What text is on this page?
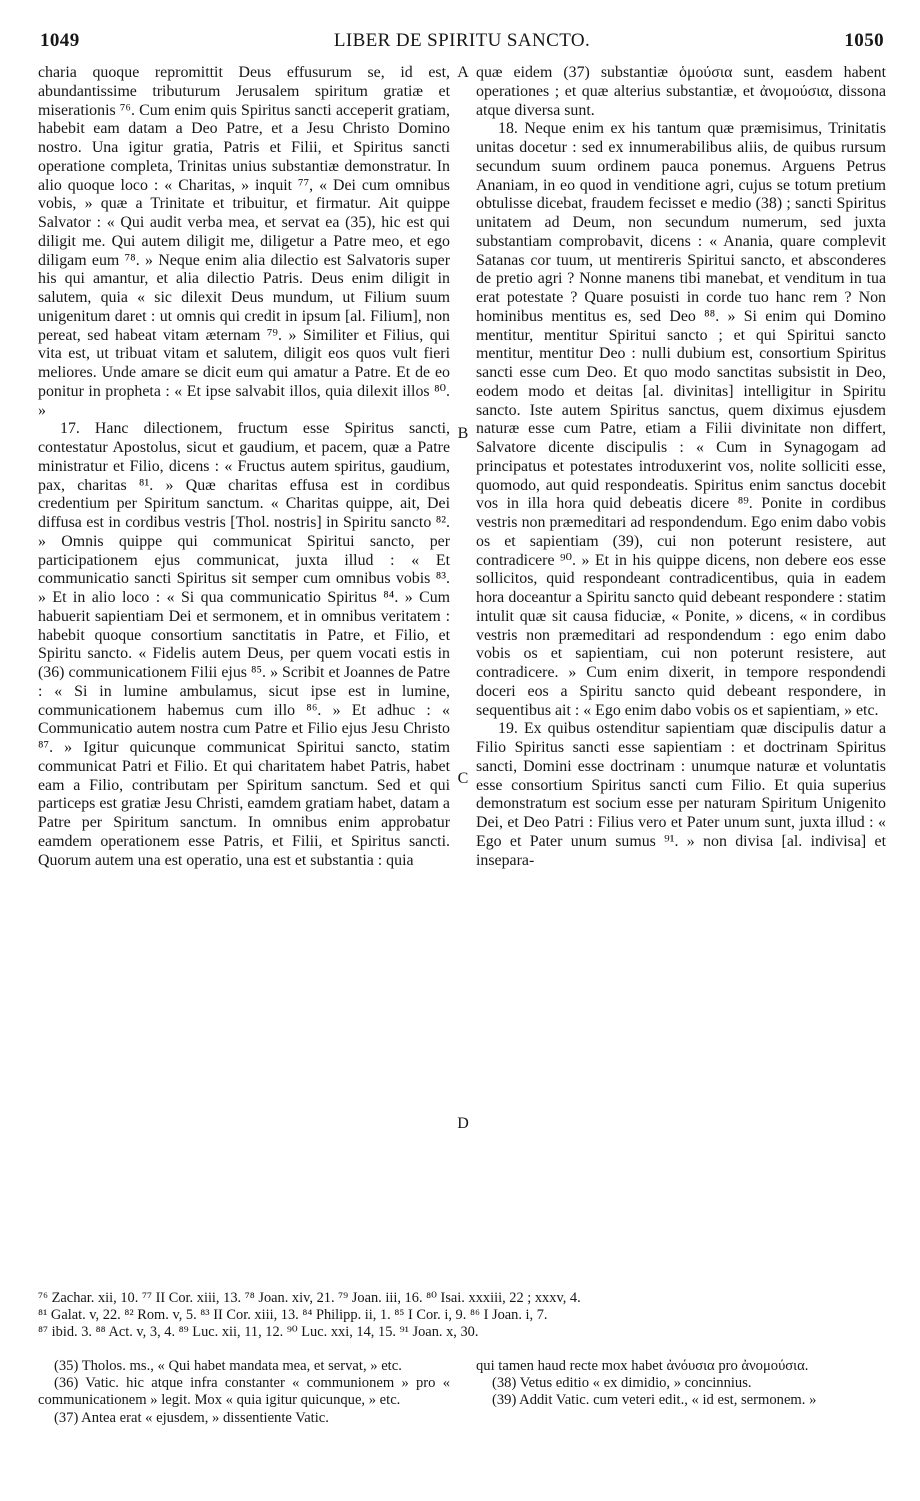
1049	LIBER DE SPIRITU SANCTO.	1050

charia quoque repromittit Deus effusurum se, id est, abundantissime tributurum Jerusalem spiritum gratiæ et miserationis ⁷⁶. Cum enim quis Spiritus sancti acceperit gratiam, habebit eam datam a Deo Patre, et a Jesu Christo Domino nostro. Una igitur gratia, Patris et Filii, et Spiritus sancti operatione completa, Trinitas unius substantiæ demonstratur. In alio quoque loco : « Charitas, » inquit ⁷⁷, « Dei cum omnibus vobis, » quæ a Trinitate et tribuitur, et firmatur. Ait quippe Salvator : « Qui audit verba mea, et servat ea (35), hic est qui diligit me. Qui autem diligit me, diligetur a Patre meo, et ego diligam eum ⁷⁸. » Neque enim alia dilectio est Salvatoris super his qui amantur, et alia dilectio Patris. Deus enim diligit in salutem, quia « sic dilexit Deus mundum, ut Filium suum unigenitum daret : ut omnis qui credit in ipsum [al. Filium], non pereat, sed habeat vitam æternam ⁷⁹. » Similiter et Filius, qui vita est, ut tribuat vitam et salutem, diligit eos quos vult fieri meliores. Unde amare se dicit eum qui amatur a Patre. Et de eo ponitur in propheta : « Et ipse salvabit illos, quia dilexit illos ⁸⁰. »

17. Hanc dilectionem, fructum esse Spiritus sancti, contestatur Apostolus, sicut et gaudium, et pacem, quæ a Patre ministratur et Filio, dicens : « Fructus autem spiritus, gaudium, pax, charitas ⁸¹. » Quæ charitas effusa est in cordibus credentium per Spiritum sanctum. « Charitas quippe, ait, Dei diffusa est in cordibus vestris [Thol. nostris] in Spiritu sancto ⁸². » Omnis quippe qui communicat Spiritui sancto, per participationem ejus communicat, juxta illud : « Et communicatio sancti Spiritus sit semper cum omnibus vobis ⁸³. » Et in alio loco : « Si qua communicatio Spiritus ⁸⁴. » Cum habuerit sapientiam Dei et sermonem, et in omnibus veritatem : habebit quoque consortium sanctitatis in Patre, et Filio, et Spiritu sancto. « Fidelis autem Deus, per quem vocati estis in (36) communicationem Filii ejus ⁸⁵. » Scribit et Joannes de Patre : « Si in lumine ambulamus, sicut ipse est in lumine, communicationem habemus cum illo ⁸⁶. » Et adhuc : « Communicatio autem nostra cum Patre et Filio ejus Jesu Christo ⁸⁷. » Igitur quicunque communicat Spiritui sancto, statim communicat Patri et Filio. Et qui charitatem habet Patris, habet eam a Filio, contributam per Spiritum sanctum. Sed et qui particeps est gratiæ Jesu Christi, eamdem gratiam habet, datam a Patre per Spiritum sanctum. In omnibus enim approbatur eamdem operationem esse Patris, et Filii, et Spiritus sancti. Quorum autem una est operatio, una est et substantia : quia

quæ eidem (37) substantiæ ὁμούσια sunt, easdem habent operationes ; et quæ alterius substantiæ, et ἀνομούσια, dissona atque diversa sunt.

18. Neque enim ex his tantum quæ præmisimus, Trinitatis unitas docetur : sed ex innumerabilibus aliis, de quibus rursum secundum suum ordinem pauca ponemus. Arguens Petrus Ananiam, in eo quod in venditione agri, cujus se totum pretium obtulisse dicebat, fraudem fecisset e medio (38) ; sancti Spiritus unitatem ad Deum, non secundum numerum, sed juxta substantiam comprobavit, dicens : « Anania, quare complevit Satanas cor tuum, ut mentireris Spiritui sancto, et absconderes de pretio agri ? Nonne manens tibi manebat, et venditum in tua erat potestate ? Quare posuisti in corde tuo hanc rem ? Non hominibus mentitus es, sed Deo ⁸⁸. » Si enim qui Domino mentitur, mentitur Spiritui sancto ; et qui Spiritui sancto mentitur, mentitur Deo : nulli dubium est, consortium Spiritus sancti esse cum Deo. Et quo modo sanctitas subsistit in Deo, eodem modo et deitas [al. divinitas] intelligitur in Spiritu sancto. Iste autem Spiritus sanctus, quem diximus ejusdem naturæ esse cum Patre, etiam a Filii divinitate non differt, Salvatore dicente discipulis : « Cum in Synagogam ad principatus et potestates introduxerint vos, nolite solliciti esse, quomodo, aut quid respondeatis. Spiritus enim sanctus docebit vos in illa hora quid debeatis dicere ⁸⁹. Ponite in cordibus vestris non præmeditari ad respondendum. Ego enim dabo vobis os et sapientiam (39), cui non poterunt resistere, aut contradicere ⁹⁰. » Et in his quippe dicens, non debere eos esse sollicitos, quid respondeant contradicentibus, quia in eadem hora doceantur a Spiritu sancto quid debeant respondere : statim intulit quæ sit causa fiduciæ, « Ponite, » dicens, « in cordibus vestris non præmeditari ad respondendum : ego enim dabo vobis os et sapientiam, cui non poterunt resistere, aut contradicere. » Cum enim dixerit, in tempore respondendi doceri eos a Spiritu sancto quid debeant respondere, in sequentibus ait : « Ego enim dabo vobis os et sapientiam, » etc.

19. Ex quibus ostenditur sapientiam quæ discipulis datur a Filio Spiritus sancti esse sapientiam : et doctrinam Spiritus sancti, Domini esse doctrinam : unumque naturæ et voluntatis esse consortium Spiritus sancti cum Filio. Et quia superius demonstratum est socium esse per naturam Spiritum Unigenito Dei, et Deo Patri : Filius vero et Pater unum sunt, juxta illud : « Ego et Pater unum sumus ⁹¹. » non divisa [al. indivisa] et insepara-

A
B
C
D
⁷⁶ Zachar. xii, 10. ⁷⁷ II Cor. xiii, 13. ⁷⁸ Joan. xiv, 21. ⁷⁹ Joan. iii, 16. ⁸⁰ Isai. xxxiii, 22 ; xxxv, 4.
⁸¹ Galat. v, 22. ⁸² Rom. v, 5. ⁸³ II Cor. xiii, 13. ⁸⁴ Philipp. ii, 1. ⁸⁵ I Cor. i, 9. ⁸⁶ I Joan. i, 7.
⁸⁷ ibid. 3. ⁸⁸ Act. v, 3, 4. ⁸⁹ Luc. xii, 11, 12. ⁹⁰ Luc. xxi, 14, 15. ⁹¹ Joan. x, 30.

(35) Tholos. ms., « Qui habet mandata mea, et servat, » etc.

(36) Vatic. hic atque infra constanter « communionem » pro « communicationem » legit. Mox « quia igitur quicunque, » etc.

(37) Antea erat « ejusdem, » dissentiente Vatic.

qui tamen haud recte mox habet ἀνόυσια pro ἀνομούσια.

(38) Vetus editio « ex dimidio, » concinnius.

(39) Addit Vatic. cum veteri edit., « id est, sermonem. »
